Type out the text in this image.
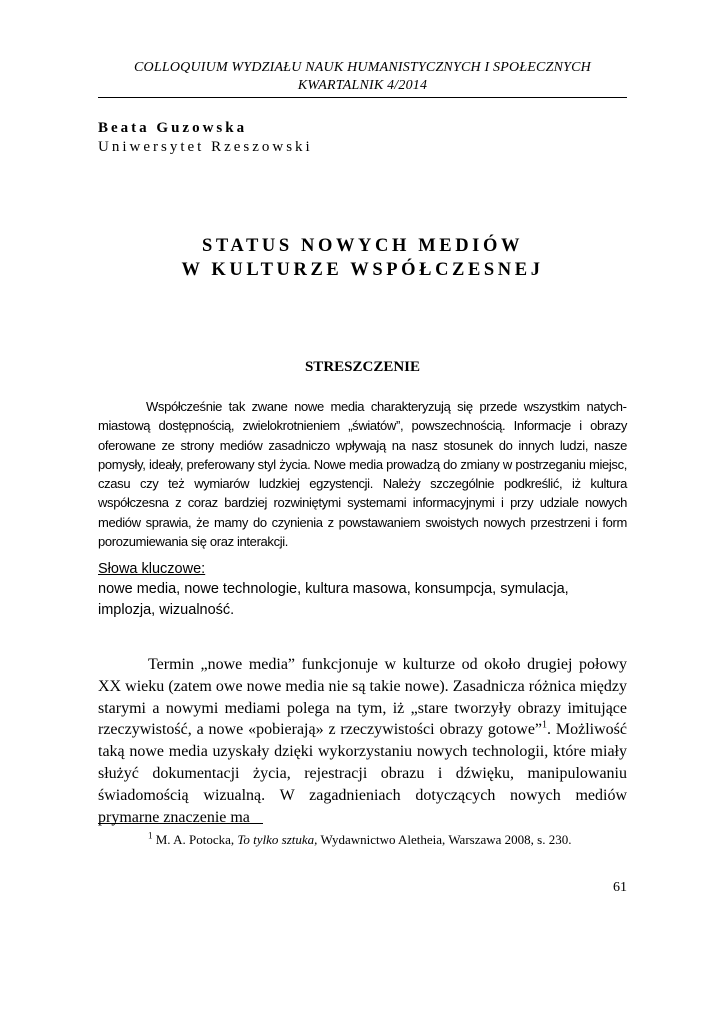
COLLOQUIUM WYDZIAŁU NAUK HUMANISTYCZNYCH I SPOŁECZNYCH
KWARTALNIK 4/2014
Beata Guzowska
Uniwersytet Rzeszowski
STATUS NOWYCH MEDIÓW
W KULTURZE WSPÓŁCZESNEJ
STRESZCZENIE
Współcześnie tak zwane nowe media charakteryzują się przede wszystkim natychmiastową dostępnością, zwielokrotnieniem „światów”, powszechnością. Informacje i obrazy oferowane ze strony mediów zasadniczo wpływają na nasz stosunek do innych ludzi, nasze pomysły, ideały, preferowany styl życia. Nowe media prowadzą do zmiany w postrzeganiu miejsc, czasu czy też wymiarów ludzkiej egzystencji. Należy szczególnie podkreślić, iż kultura współczesna z coraz bardziej rozwiniętymi systemami informacyjnymi i przy udziale nowych mediów sprawia, że mamy do czynienia z powstawaniem swoistych nowych przestrzeni i form porozumiewania się oraz interakcji.
Słowa kluczowe:
nowe media, nowe technologie, kultura masowa, konsumpcja, symulacja, implozja, wizualność.
Termin „nowe media” funkcjonuje w kulturze od około drugiej połowy XX wieku (zatem owe nowe media nie są takie nowe). Zasadnicza różnica między starymi a nowymi mediami polega na tym, iż „stare tworzyły obrazy imitujące rzeczywistość, a nowe «pobierają» z rzeczywistości obrazy gotowe”$^1$. Możliwość taką nowe media uzyskały dzięki wykorzystaniu nowych technologii, które miały służyć dokumentacji życia, rejestracji obrazu i dźwięku, manipulowaniu świadomością wizualną. W zagadnieniach dotyczących nowych mediów prymarne znaczenie ma
$^1$ M. A. Potocka, To tylko sztuka, Wydawnictwo Aletheia, Warszawa 2008, s. 230.
61
